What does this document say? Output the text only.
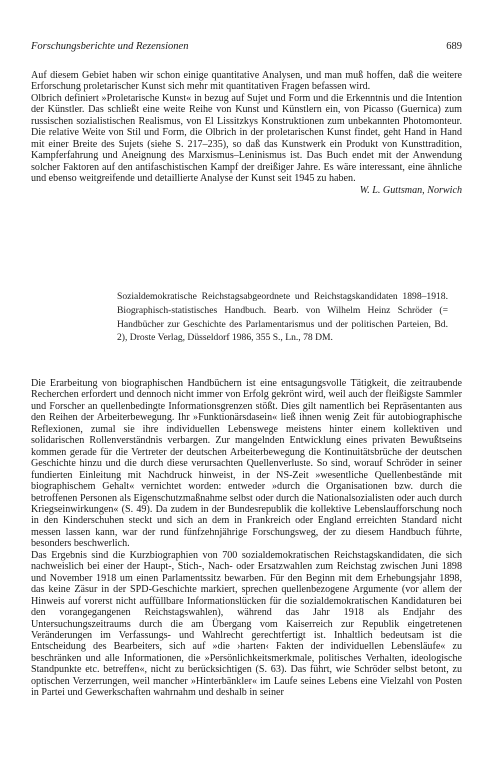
Forschungsberichte und Rezensionen	689

Auf diesem Gebiet haben wir schon einige quantitative Analysen, und man muß hoffen, daß die weitere Erforschung proletarischer Kunst sich mehr mit quantitativen Fragen befassen wird.

Olbrich definiert »Proletarische Kunst« in bezug auf Sujet und Form und die Erkenntnis und die Intention der Künstler. Das schließt eine weite Reihe von Kunst und Künstlern ein, von Picasso (Guernica) zum russischen sozialistischen Realismus, von El Lissitzkys Konstruktionen zum unbekannten Photomonteur. Die relative Weite von Stil und Form, die Olbrich in der proletarischen Kunst findet, geht Hand in Hand mit einer Breite des Sujets (siehe S. 217–235), so daß das Kunstwerk ein Produkt von Kunsttradition, Kampferfahrung und Aneignung des Marxismus–Leninismus ist. Das Buch endet mit der Anwendung solcher Faktoren auf den antifaschistischen Kampf der dreißiger Jahre. Es wäre interessant, eine ähnliche und ebenso weitgreifende und detaillierte Analyse der Kunst seit 1945 zu haben.

W. L. Guttsman, Norwich

Sozialdemokratische Reichstagsabgeordnete und Reichstagskandidaten 1898–1918. Biographisch-statistisches Handbuch. Bearb. von Wilhelm Heinz Schröder (= Handbücher zur Geschichte des Parlamentarismus und der politischen Parteien, Bd. 2), Droste Verlag, Düsseldorf 1986, 355 S., Ln., 78 DM.

Die Erarbeitung von biographischen Handbüchern ist eine entsagungsvolle Tätigkeit, die zeitraubende Recherchen erfordert und dennoch nicht immer von Erfolg gekrönt wird, weil auch der fleißigste Sammler und Forscher an quellenbedingte Informationsgrenzen stößt. Dies gilt namentlich bei Repräsentanten aus den Reihen der Arbeiterbewegung. Ihr »Funktionärsdasein« ließ ihnen wenig Zeit für autobiographische Reflexionen, zumal sie ihre individuellen Lebenswege meistens hinter einem kollektiven und solidarischen Rollenverständnis verbargen. Zur mangelnden Entwicklung eines privaten Bewußtseins kommen gerade für die Vertreter der deutschen Arbeiterbewegung die Kontinuitätsbrüche der deutschen Geschichte hinzu und die durch diese verursachten Quellenverluste. So sind, worauf Schröder in seiner fundierten Einleitung mit Nachdruck hinweist, in der NS-Zeit »wesentliche Quellenbestände mit biographischem Gehalt« vernichtet worden: entweder »durch die Organisationen bzw. durch die betroffenen Personen als Eigenschutzmaßnahme selbst oder durch die Nationalsozialisten oder auch durch Kriegseinwirkungen« (S. 49). Da zudem in der Bundesrepublik die kollektive Lebenslaufforschung noch in den Kinderschuhen steckt und sich an dem in Frankreich oder England erreichten Standard nicht messen lassen kann, war der rund fünfzehnjährige Forschungsweg, der zu diesem Handbuch führte, besonders beschwerlich.

Das Ergebnis sind die Kurzbiographien von 700 sozialdemokratischen Reichstagskandidaten, die sich nachweislich bei einer der Haupt-, Stich-, Nach- oder Ersatzwahlen zum Reichstag zwischen Juni 1898 und November 1918 um einen Parlamentssitz bewarben. Für den Beginn mit dem Erhebungsjahr 1898, das keine Zäsur in der SPD-Geschichte markiert, sprechen quellenbezogene Argumente (vor allem der Hinweis auf vorerst nicht auffüllbare Informationslücken für die sozialdemokratischen Kandidaturen bei den vorangegangenen Reichstagswahlen), während das Jahr 1918 als Endjahr des Untersuchungszeitraums durch die am Übergang vom Kaiserreich zur Republik eingetretenen Veränderungen im Verfassungs- und Wahlrecht gerechtfertigt ist. Inhaltlich bedeutsam ist die Entscheidung des Bearbeiters, sich auf »die ›harten‹ Fakten der individuellen Lebensläufe« zu beschränken und alle Informationen, die »Persönlichkeitsmerkmale, politisches Verhalten, ideologische Standpunkte etc. betreffen«, nicht zu berücksichtigen (S. 63). Das führt, wie Schröder selbst betont, zu optischen Verzerrungen, weil mancher »Hinterbänkler« im Laufe seines Lebens eine Vielzahl von Posten in Partei und Gewerkschaften wahrnahm und deshalb in seiner
